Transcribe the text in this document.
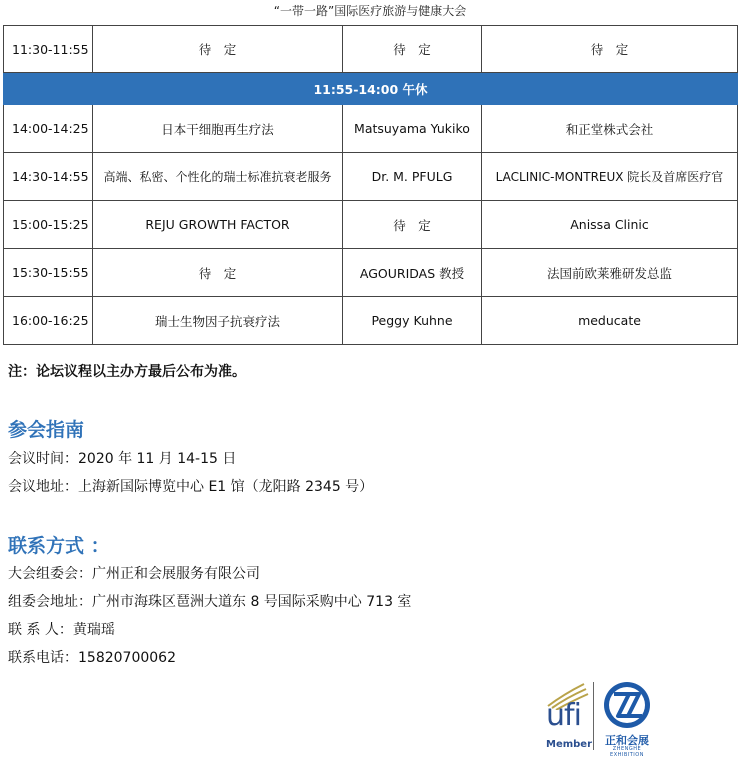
“一带一路”国际医疗旅游与健康大会
11:30-11:55	待　定	待　定	待　定
11:55-14:00 午休			
14:00-14:25	日本干细胞再生疗法	Matsuyama Yukiko	和正堂株式会社
14:30-14:55	高端、私密、个性化的瑞士标准抗衰老服务	Dr. M. PFULG	LACLINIC-MONTREUX 院长及首席医疗官
15:00-15:25	REJU GROWTH FACTOR	待　定	Anissa Clinic
15:30-15:55	待　定	AGOURIDAS 教授	法国前欧莱雅研发总监
16:00-16:25	瑞士生物因子抗衰疗法	Peggy Kuhne	meducate
注：论坛议程以主办方最后公布为准。
参会指南
会议时间：2020 年 11 月 14-15 日
会议地址：上海新国际博览中心 E1 馆（龙阳路 2345 号）
联系方式 ：
大会组委会：广州正和会展服务有限公司
组委会地址：广州市海珠区琶洲大道东 8 号国际采购中心 713 室
联 系 人：黄瑞瑶
联系电话：15820700062
ufi
Member	正和会展
ZHENGHE EXHIBITION
